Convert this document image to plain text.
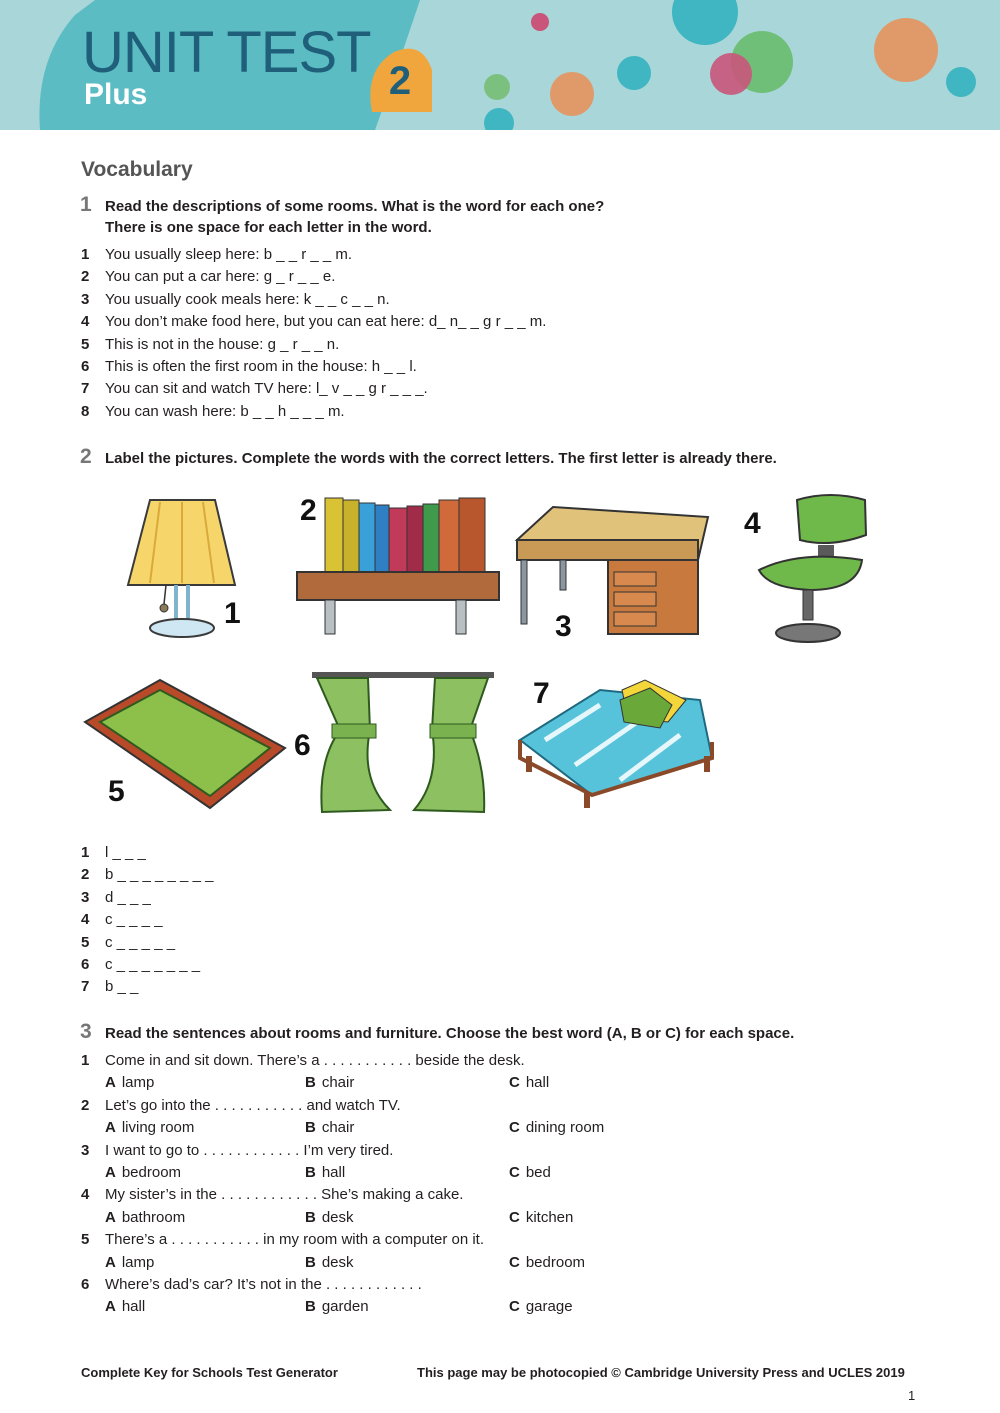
UNIT TEST
Plus	2
Vocabulary
1 Read the descriptions of some rooms. What is the word for each one?
There is one space for each letter in the word.
1 You usually sleep here: b _ _ r _ _ m.
2 You can put a car here: g _ r _ _ e.
3 You usually cook meals here: k _ _ c _ _ n.
4 You don’t make food here, but you can eat here: d_ n_ _ g r _ _ m.
5 This is not in the house: g _ r _ _ n.
6 This is often the first room in the house: h _ _ l.
7 You can sit and watch TV here: l_ v _ _ g r _ _ _.
8 You can wash here: b _ _ h _ _ _ m.
2 Label the pictures. Complete the words with the correct letters. The first letter is already there.
1
2
3
4
5
6
7
1 l _ _ _
2 b _ _ _ _ _ _ _ _
3 d _ _ _
4 c _ _ _ _
5 c _ _ _ _ _
6 c _ _ _ _ _ _ _
7 b _ _
3 Read the sentences about rooms and furniture. Choose the best word (A, B or C) for each space.
1 Come in and sit down. There’s a . . . . . . . . . . . beside the desk.
A lamp	B chair	C hall
2 Let’s go into the . . . . . . . . . . . and watch TV.
A living room	B chair	C dining room
3 I want to go to . . . . . . . . . . . . I’m very tired.
A bedroom	B hall	C bed
4 My sister’s in the . . . . . . . . . . . . She’s making a cake.
A bathroom	B desk	C kitchen
5 There’s a . . . . . . . . . . . in my room with a computer on it.
A lamp	B desk	C bedroom
6 Where’s dad’s car? It’s not in the . . . . . . . . . . . .
A hall	B garden	C garage
Complete Key for Schools Test Generator	This page may be photocopied © Cambridge University Press and UCLES 2019
1
